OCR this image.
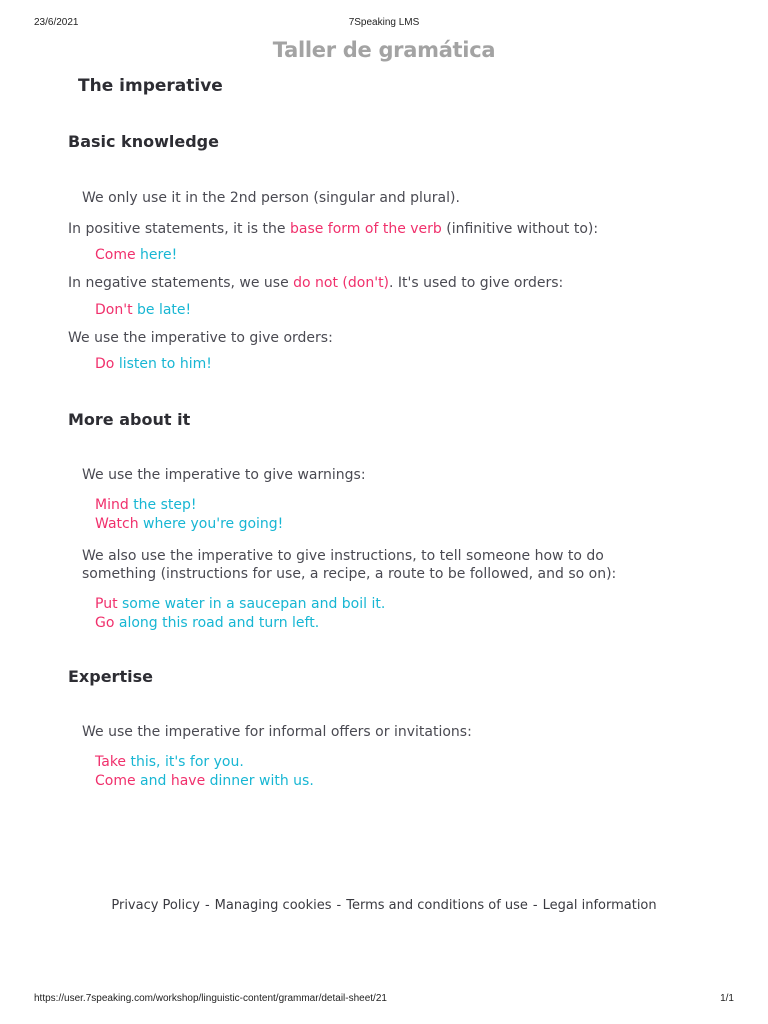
23/6/2021	7Speaking LMS
Taller de gramática
The imperative
Basic knowledge

We only use it in the 2nd person (singular and plural).

In positive statements, it is the base form of the verb (infinitive without to):

Come here!

In negative statements, we use do not (don't). It's used to give orders:

Don't be late!

We use the imperative to give orders:

Do listen to him!

More about it

We use the imperative to give warnings:

Mind the step!

Watch where you're going!

We also use the imperative to give instructions, to tell someone how to do something (instructions for use, a recipe, a route to be followed, and so on):

Put some water in a saucepan and boil it.

Go along this road and turn left.

Expertise

We use the imperative for informal offers or invitations:

Take this, it's for you.

Come and have dinner with us.

Privacy Policy - Managing cookies - Terms and conditions of use - Legal information
https://user.7speaking.com/workshop/linguistic-content/grammar/detail-sheet/21	1/1
